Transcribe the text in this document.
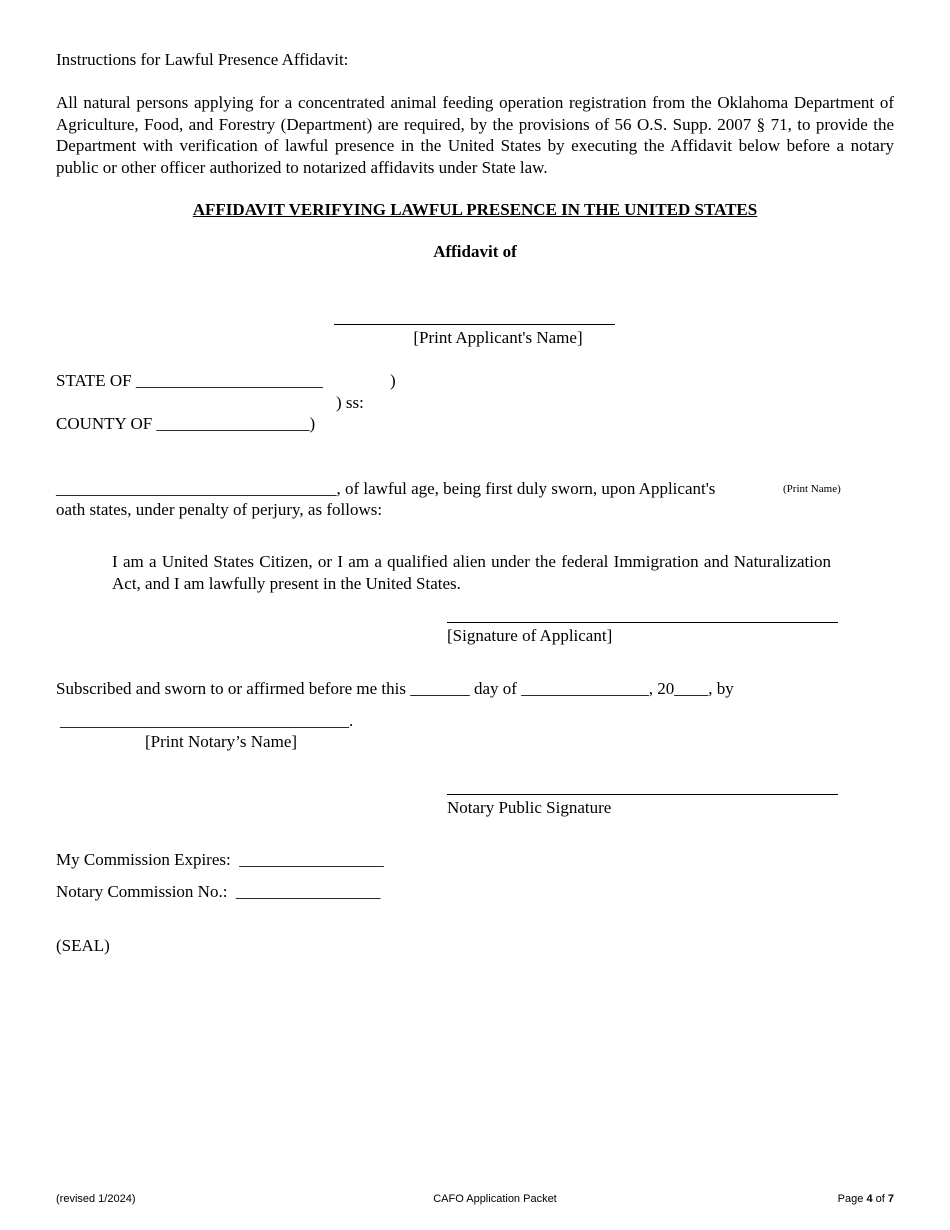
Instructions for Lawful Presence Affidavit:
All natural persons applying for a concentrated animal feeding operation registration from the Oklahoma Department of Agriculture, Food, and Forestry (Department) are required, by the provisions of 56 O.S. Supp. 2007 § 71, to provide the Department with verification of lawful presence in the United States by executing the Affidavit below before a notary public or other officer authorized to notarized affidavits under State law.
AFFIDAVIT VERIFYING LAWFUL PRESENCE IN THE UNITED STATES
Affidavit of
[Print Applicant's Name]
STATE OF ______________________	)
) ss:
COUNTY OF __________________)
_________________________________, of lawful age, being first duly sworn, upon Applicant's	(Print Name)
oath states, under penalty of perjury, as follows:
I am a United States Citizen, or I am a qualified alien under the federal Immigration and Naturalization Act, and I am lawfully present in the United States.
[Signature of Applicant]
Subscribed and sworn to or affirmed before me this _______ day of _______________, 20____, by
__________________________________.
[Print Notary’s Name]
Notary Public Signature
My Commission Expires: _________________
Notary Commission No.: _________________
(SEAL)
(revised 1/2024)	CAFO Application Packet	Page 4 of 7
